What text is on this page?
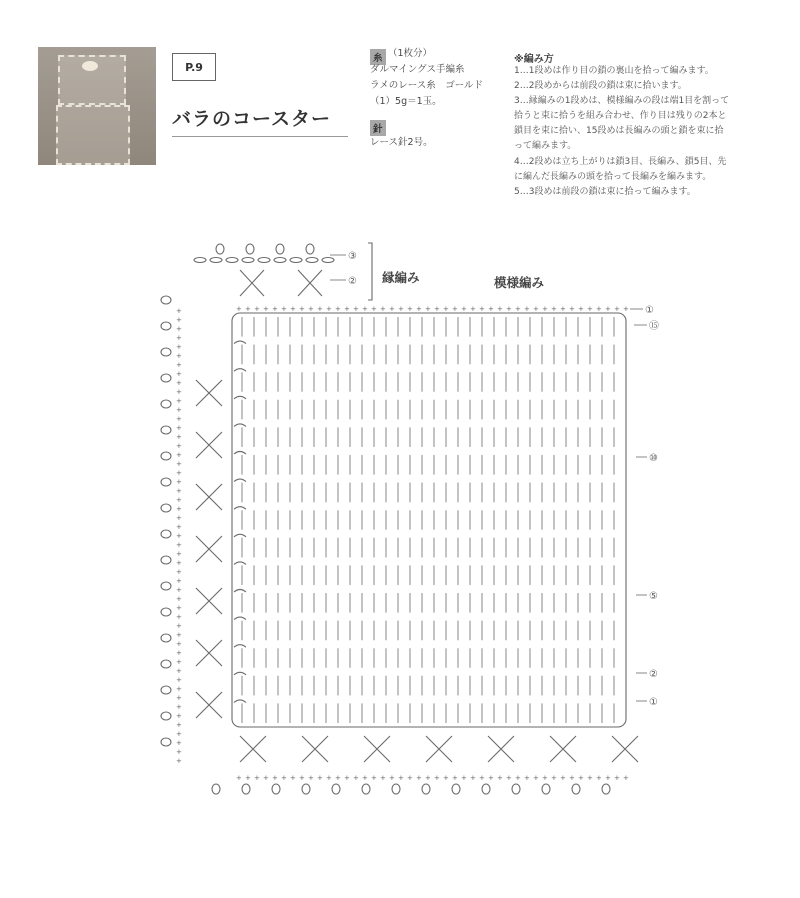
P.9
バラのコースター
糸 （1枚分）
ダルマイングス手編糸
ラメのレース糸　ゴールド
（1）5g＝1玉。
針
レース針2号。
※編み方
1…1段めは作り目の鎖の裏山を拾って編みます。
2…2段めからは前段の鎖は束に拾います。
3…縁編みの1段めは、模様編みの段は端1目を割って
拾うと束に拾うを組み合わせ、作り目は残りの2本と
鎖目を束に拾い、15段めは長編みの頭と鎖を束に拾
って編みます。
4…2段めは立ち上がりは鎖3目、長編み、鎖5目、先
に編んだ長編みの頭を拾って長編みを編みます。
5…3段めは前段の鎖は束に拾って編みます。
縁編み	模様編み
+
+
+
+
+
+
+
+
+
+
+
+
+
+
+
+
+
+
+
+
+
+
+
+
+
+
+
+
+
+
+
+
+
+
+
+
+
+
+
+
+
+
+
+
+
+
+
+
+
+
+
+
+
+
+
+
+
+
+
+
+
+
+
+
+
+
+
+
+
+
+
+
+
+
+
+
+
+
+
+
+
+
+
+
+
+
+
+
+
+
+
+
+
+
+
+
+
+
+
+
+
+
+
+
+
+
+
+
+
+
+
+
+
+
+
+
+
+
+
+
+
+
+
+
+
+
+
+
+
+
+
+
+
+
+
+
+
+
+
③
②
①
⑮
⑩
⑤
②
①
